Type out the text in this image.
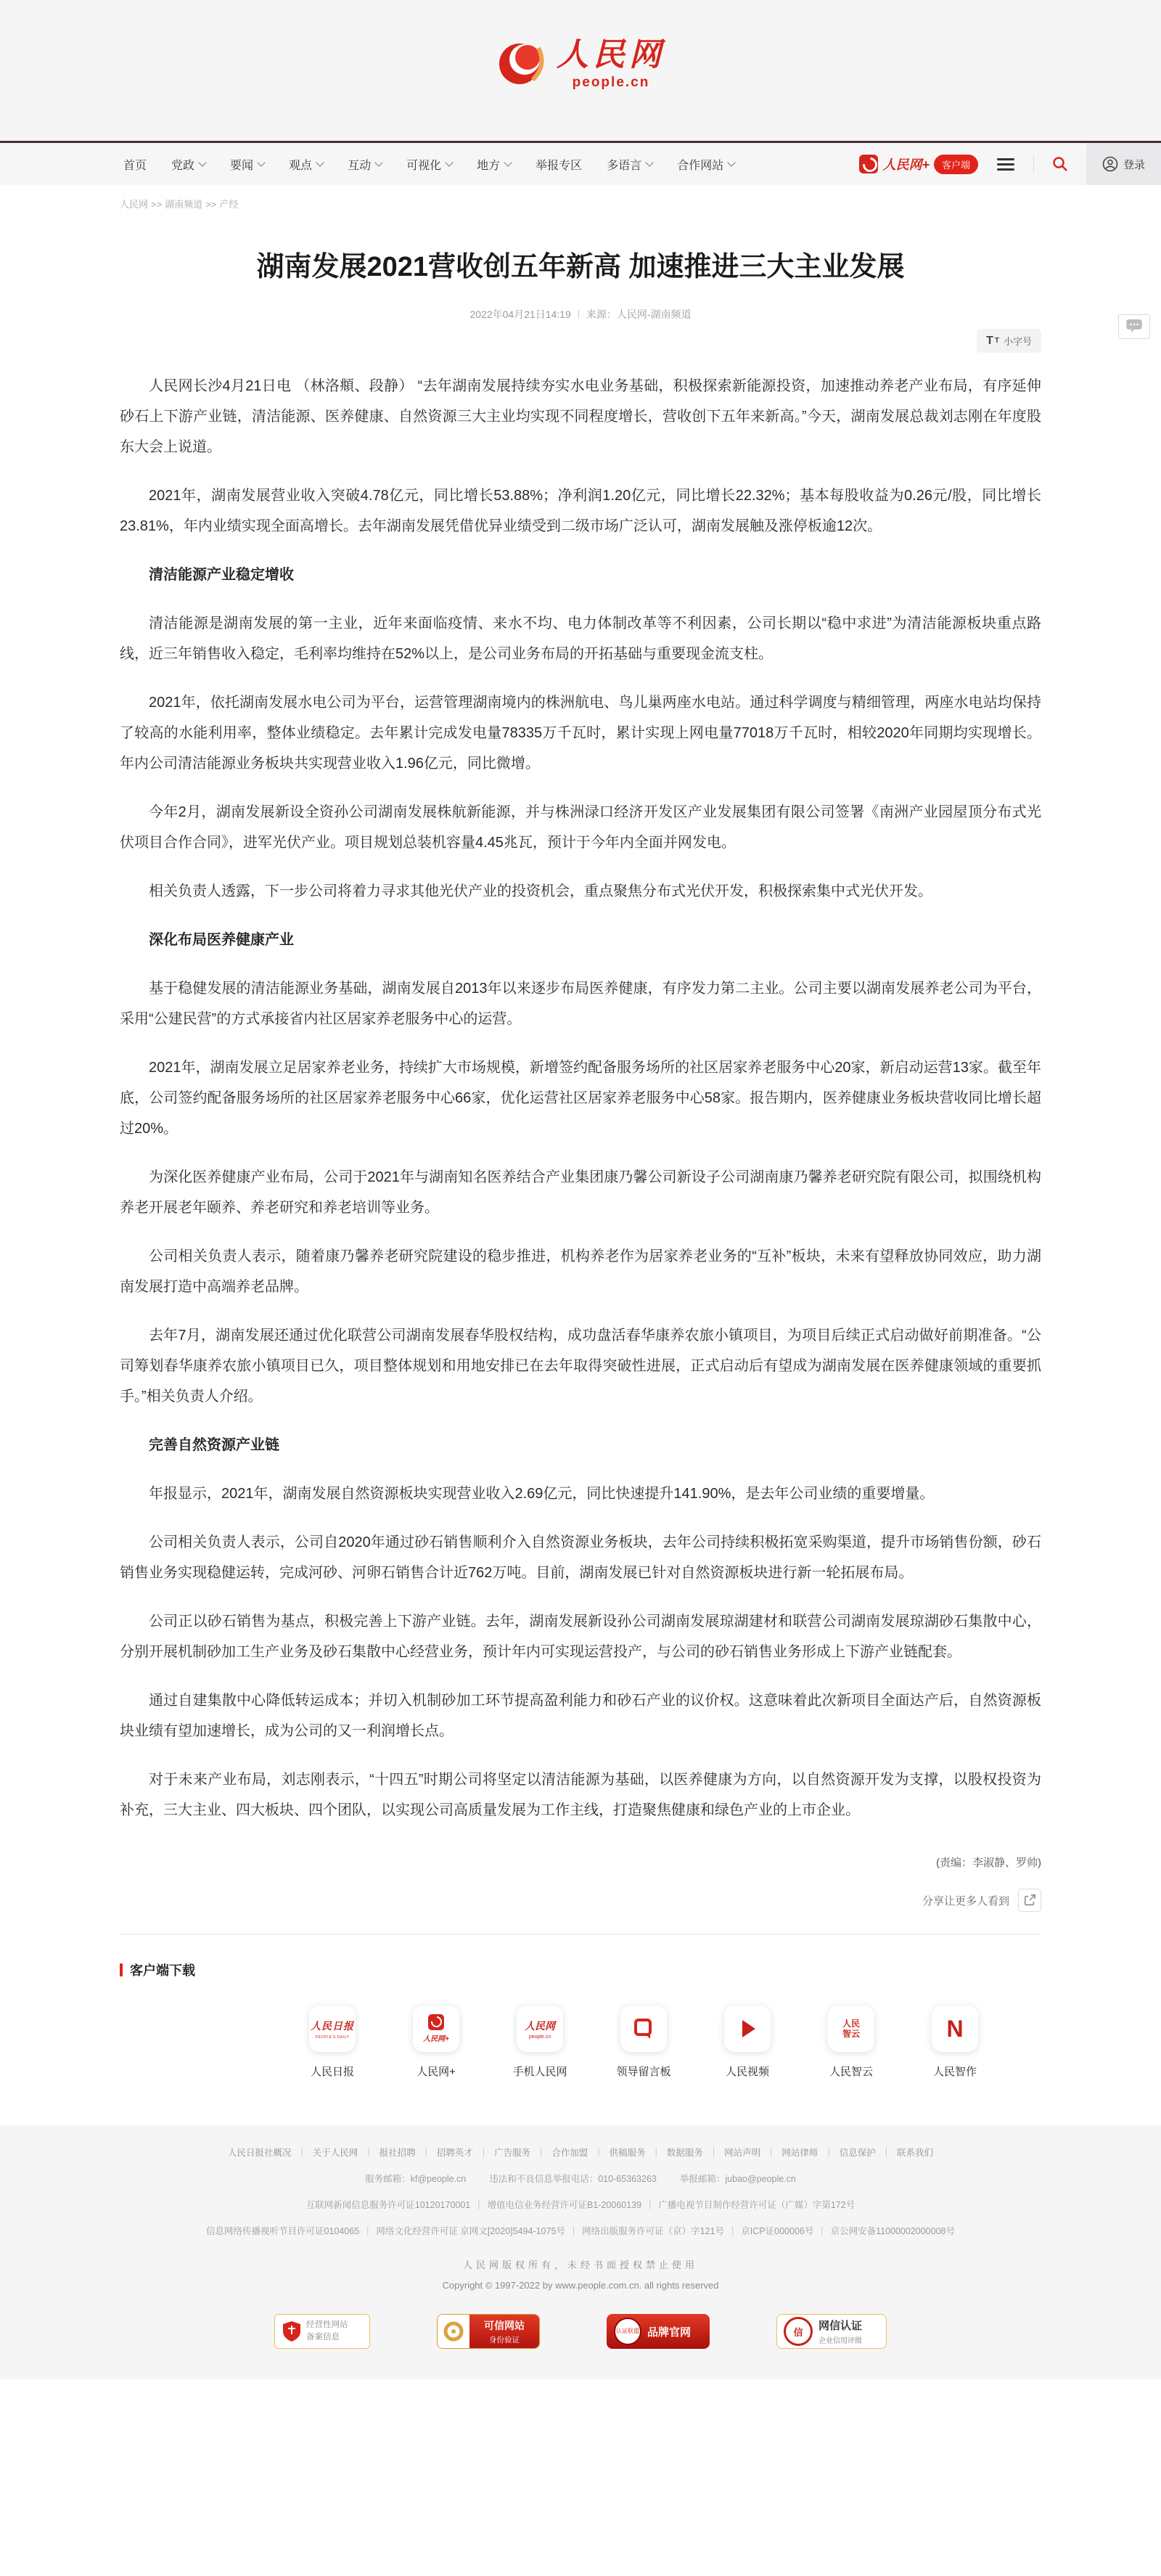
人民网
people.cn
首页 党政	要闻	观点	互动	可视化	地方	举报专区 多语言	合作网站	人民网+	客户端	登录
人民网 >> 湖南频道 >> 产经
湖南发展2021营收创五年新高 加速推进三大主业发展
2022年04月21日14:19 来源：人民网-湖南频道
T T 小字号

人民网长沙4月21日电 （林洛頫、段静） “去年湖南发展持续夯实水电业务基础，积极探索新能源投资，加速推动养老产业布局，有序延伸砂石上下游产业链，清洁能源、医养健康、自然资源三大主业均实现不同程度增长，营收创下五年来新高。”今天，湖南发展总裁刘志刚在年度股东大会上说道。

2021年，湖南发展营业收入突破4.78亿元，同比增长53.88%；净利润1.20亿元，同比增长22.32%；基本每股收益为0.26元/股，同比增长23.81%，年内业绩实现全面高增长。去年湖南发展凭借优异业绩受到二级市场广泛认可，湖南发展触及涨停板逾12次。

清洁能源产业稳定增收

清洁能源是湖南发展的第一主业，近年来面临疫情、来水不均、电力体制改革等不利因素，公司长期以“稳中求进”为清洁能源板块重点路线，近三年销售收入稳定，毛利率均维持在52%以上，是公司业务布局的开拓基础与重要现金流支柱。

2021年，依托湖南发展水电公司为平台，运营管理湖南境内的株洲航电、鸟儿巢两座水电站。通过科学调度与精细管理，两座水电站均保持了较高的水能利用率，整体业绩稳定。去年累计完成发电量78335万千瓦时，累计实现上网电量77018万千瓦时，相较2020年同期均实现增长。年内公司清洁能源业务板块共实现营业收入1.96亿元，同比微增。

今年2月，湖南发展新设全资孙公司湖南发展株航新能源，并与株洲渌口经济开发区产业发展集团有限公司签署《南洲产业园屋顶分布式光伏项目合作合同》，进军光伏产业。项目规划总装机容量4.45兆瓦，预计于今年内全面并网发电。

相关负责人透露，下一步公司将着力寻求其他光伏产业的投资机会，重点聚焦分布式光伏开发，积极探索集中式光伏开发。

深化布局医养健康产业

基于稳健发展的清洁能源业务基础，湖南发展自2013年以来逐步布局医养健康，有序发力第二主业。公司主要以湖南发展养老公司为平台，采用“公建民营”的方式承接省内社区居家养老服务中心的运营。

2021年，湖南发展立足居家养老业务，持续扩大市场规模，新增签约配备服务场所的社区居家养老服务中心20家，新启动运营13家。截至年底，公司签约配备服务场所的社区居家养老服务中心66家，优化运营社区居家养老服务中心58家。报告期内，医养健康业务板块营收同比增长超过20%。

为深化医养健康产业布局，公司于2021年与湖南知名医养结合产业集团康乃馨公司新设子公司湖南康乃馨养老研究院有限公司，拟围绕机构养老开展老年颐养、养老研究和养老培训等业务。

公司相关负责人表示，随着康乃馨养老研究院建设的稳步推进，机构养老作为居家养老业务的“互补”板块，未来有望释放协同效应，助力湖南发展打造中高端养老品牌。

去年7月，湖南发展还通过优化联营公司湖南发展春华股权结构，成功盘活春华康养农旅小镇项目，为项目后续正式启动做好前期准备。“公司筹划春华康养农旅小镇项目已久，项目整体规划和用地安排已在去年取得突破性进展，正式启动后有望成为湖南发展在医养健康领域的重要抓手。”相关负责人介绍。

完善自然资源产业链

年报显示，2021年，湖南发展自然资源板块实现营业收入2.69亿元，同比快速提升141.90%，是去年公司业绩的重要增量。

公司相关负责人表示，公司自2020年通过砂石销售顺利介入自然资源业务板块，去年公司持续积极拓宽采购渠道，提升市场销售份额，砂石销售业务实现稳健运转，完成河砂、河卵石销售合计近762万吨。目前，湖南发展已针对自然资源板块进行新一轮拓展布局。

公司正以砂石销售为基点，积极完善上下游产业链。去年，湖南发展新设孙公司湖南发展琼湖建材和联营公司湖南发展琼湖砂石集散中心，分别开展机制砂加工生产业务及砂石集散中心经营业务，预计年内可实现运营投产，与公司的砂石销售业务形成上下游产业链配套。

通过自建集散中心降低转运成本；并切入机制砂加工环节提高盈利能力和砂石产业的议价权。这意味着此次新项目全面达产后，自然资源板块业绩有望加速增长，成为公司的又一利润增长点。

对于未来产业布局，刘志刚表示，“十四五”时期公司将坚定以清洁能源为基础，以医养健康为方向，以自然资源开发为支撑，以股权投资为补充，三大主业、四大板块、四个团队，以实现公司高质量发展为工作主线，打造聚焦健康和绿色产业的上市企业。

(责编：李淑静、罗帅)
分享让更多人看到
客户端下载
人民日报
PEOPLE'S DAILY
人民日报
人民网+
人民网+
人民网
people.cn
手机人民网	领导留言板	人民视频
人民智云
人民智云
N
人民智作
人民日报社概况	|	关于人民网	|	报社招聘	|	招聘英才	|	广告服务	|	合作加盟	|	供稿服务	|	数据服务	|	网站声明	|	网站律师	|	信息保护	|	联系我们
服务邮箱：kf@people.cn	违法和不良信息举报电话：010-65363263	举报邮箱：jubao@people.cn
互联网新闻信息服务许可证10120170001 | 增值电信业务经营许可证B1-20060139 | 广播电视节目制作经营许可证（广媒）字第172号
信息网络传播视听节目许可证0104065 | 网络文化经营许可证 京网文[2020]5494-1075号 | 网络出版服务许可证（京）字121号 | 京ICP证000006号 | 京公网安备11000002000008号
人民网版权所有，未经书面授权禁止使用
Copyright © 1997-2022 by www.people.com.cn. all rights reserved
经营性网站
备案信息
可信网站
身份验证
认证联盟 品牌官网	信	网信认证
企业信用评级
